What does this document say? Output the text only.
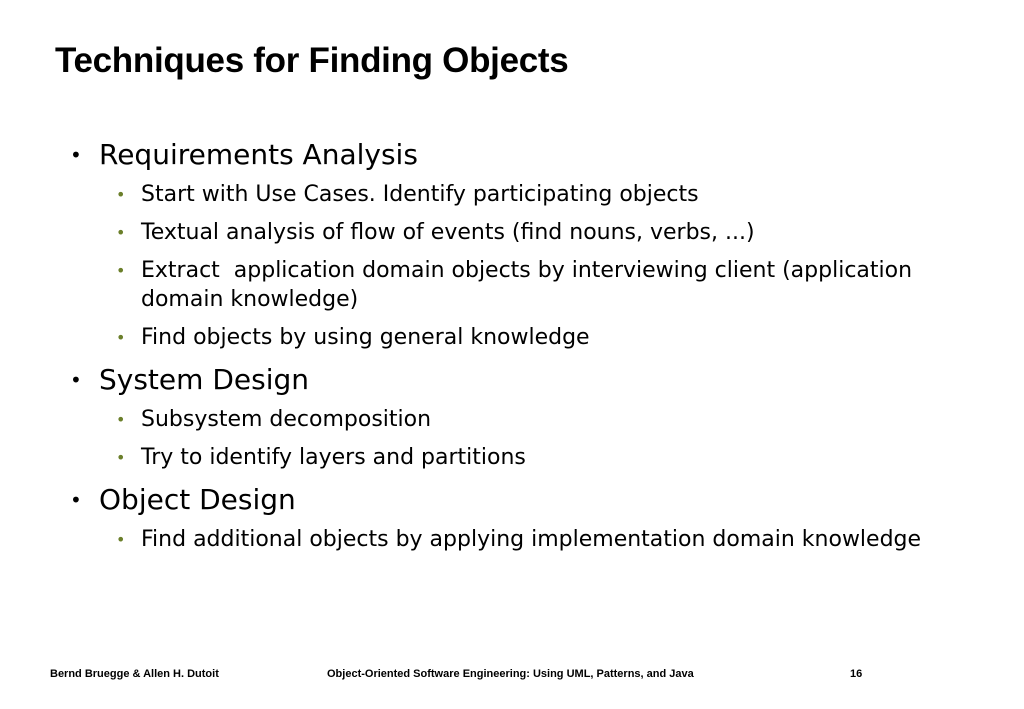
Techniques for Finding Objects
• Requirements Analysis
• Start with Use Cases. Identify participating objects
• Textual analysis of flow of events (find nouns, verbs, ...)
• Extract  application domain objects by interviewing client (application domain knowledge)
• Find objects by using general knowledge
• System Design
• Subsystem decomposition
• Try to identify layers and partitions
• Object Design
• Find additional objects by applying implementation domain knowledge
Bernd Bruegge & Allen H. Dutoit	Object-Oriented Software Engineering: Using UML, Patterns, and Java	16
